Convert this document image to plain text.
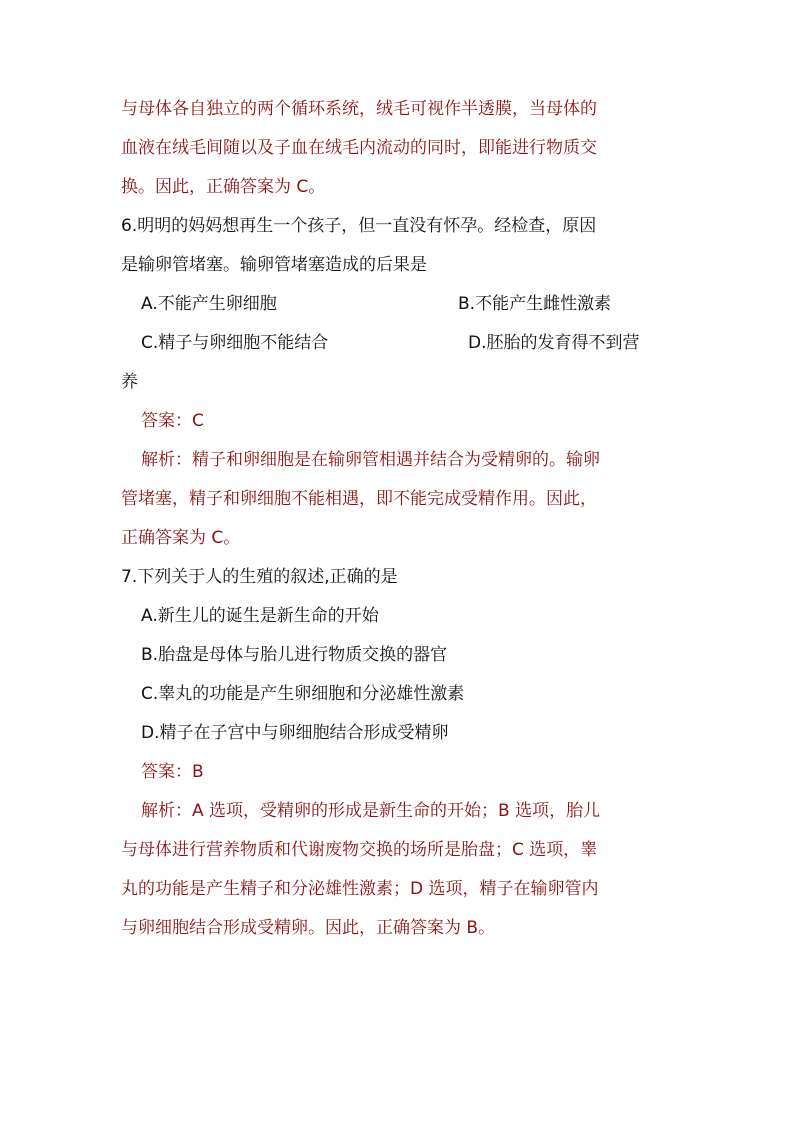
与母体各自独立的两个循环系统，绒毛可视作半透膜，当母体的
血液在绒毛间随以及子血在绒毛内流动的同时，即能进行物质交
换。因此，正确答案为 C。
6.明明的妈妈想再生一个孩子，但一直没有怀孕。经检查，原因
是输卵管堵塞。输卵管堵塞造成的后果是
A.不能产生卵细胞	B.不能产生雌性激素
C.精子与卵细胞不能结合	D.胚胎的发育得不到营
养
答案：C
解析：精子和卵细胞是在输卵管相遇并结合为受精卵的。输卵
管堵塞，精子和卵细胞不能相遇，即不能完成受精作用。因此，
正确答案为 C。
7.下列关于人的生殖的叙述,正确的是
A.新生儿的诞生是新生命的开始
B.胎盘是母体与胎儿进行物质交换的器官
C.睾丸的功能是产生卵细胞和分泌雄性激素
D.精子在子宫中与卵细胞结合形成受精卵
答案：B
解析：A 选项，受精卵的形成是新生命的开始；B 选项，胎儿
与母体进行营养物质和代谢废物交换的场所是胎盘；C 选项，睾
丸的功能是产生精子和分泌雄性激素；D 选项，精子在输卵管内
与卵细胞结合形成受精卵。因此，正确答案为 B。
